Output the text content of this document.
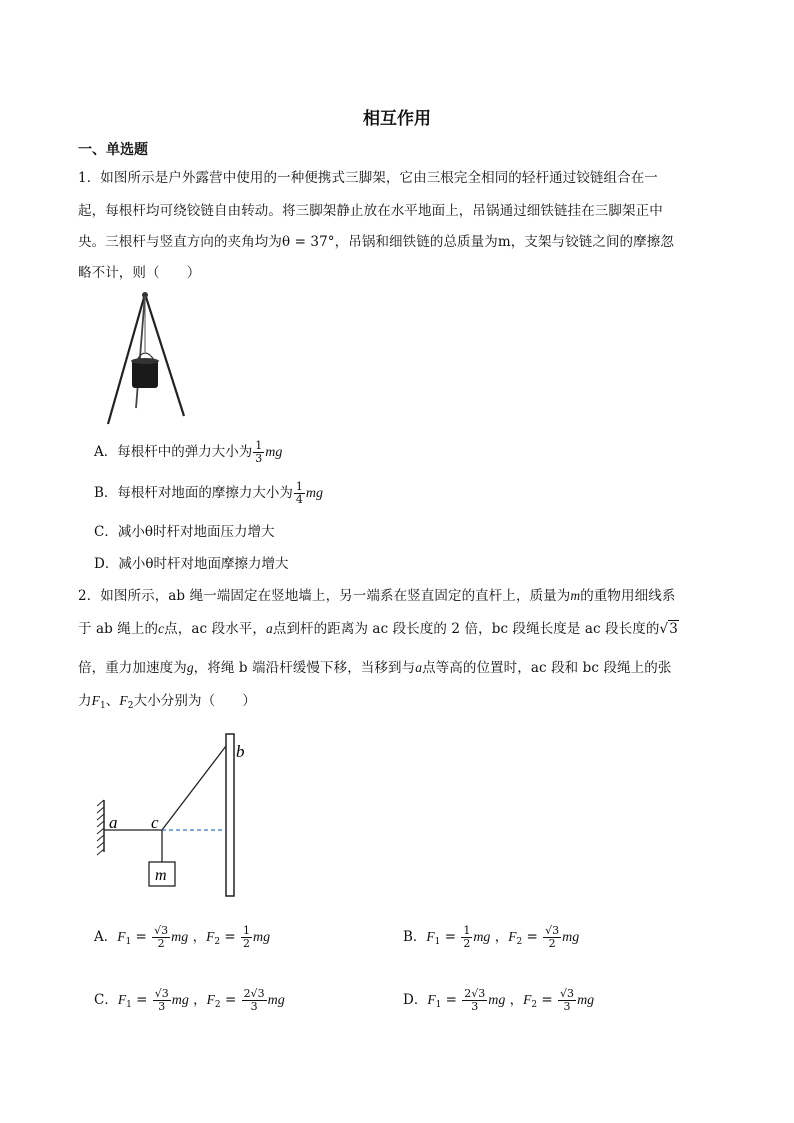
相互作用
一、单选题
1．如图所示是户外露营中使用的一种便携式三脚架，它由三根完全相同的轻杆通过铰链组合在一
起，每根杆均可绕铰链自由转动。将三脚架静止放在水平地面上，吊锅通过细铁链挂在三脚架正中
央。三根杆与竖直方向的夹角均为θ = 37°，吊锅和细铁链的总质量为m，支架与铰链之间的摩擦忽
略不计，则（　　）
A．每根杆中的弹力大小为 $\frac{1}{3}$ mg
B．每根杆对地面的摩擦力大小为 $\frac{1}{4}$ mg
C．减小θ时杆对地面压力增大
D．减小θ时杆对地面摩擦力增大
2．如图所示，ab 绳一端固定在竖地墙上，另一端系在竖直固定的直杆上，质量为m的重物用细线系
于 ab 绳上的c点，ac 段水平，a点到杆的距离为 ac 段长度的 2 倍，bc 段绳长度是 ac 段长度的√3
倍，重力加速度为g，将绳 b 端沿杆缓慢下移，当移到与a点等高的位置时，ac 段和 bc 段绳上的张
力$F_1$、$F_2$大小分别为（　　）
b
a c
m
A．$F_1 = \frac{√3}{2}$ mg ，$F_2 = \frac{1}{2}$ mg	B．$F_1 = \frac{1}{2}$ mg ，$F_2 = \frac{√3}{2}$ mg
C．$F_1 = \frac{√3}{3}$ mg ，$F_2 = \frac{2√3}{3}$ mg	D．$F_1 = \frac{2√3}{3}$ mg ，$F_2 = \frac{√3}{3}$ mg
